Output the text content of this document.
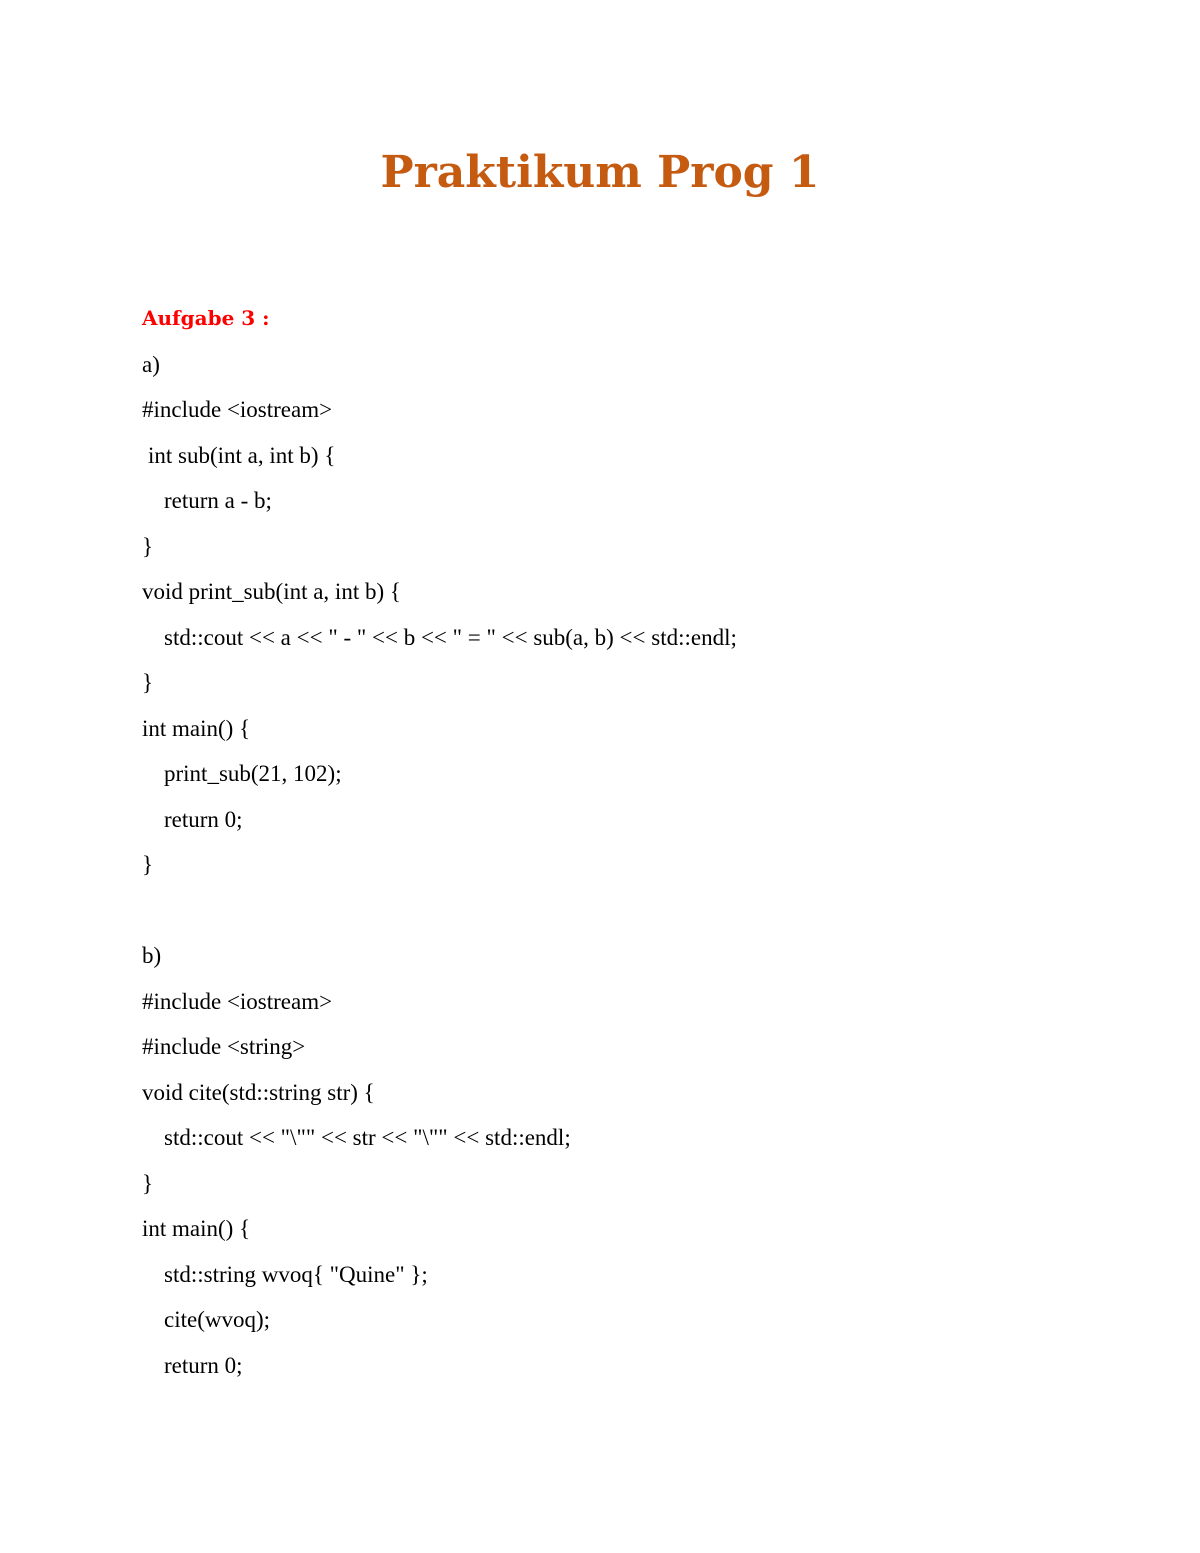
Praktikum Prog 1
Aufgabe 3 :
a)
#include <iostream>
int sub(int a, int b) {
return a - b;
}
void print_sub(int a, int b) {
std::cout << a << " - " << b << " = " << sub(a, b) << std::endl;
}
int main() {
print_sub(21, 102);
return 0;
}
b)
#include <iostream>
#include <string>
void cite(std::string str) {
std::cout << "\"" << str << "\"" << std::endl;
}
int main() {
std::string wvoq{ "Quine" };
cite(wvoq);
return 0;
